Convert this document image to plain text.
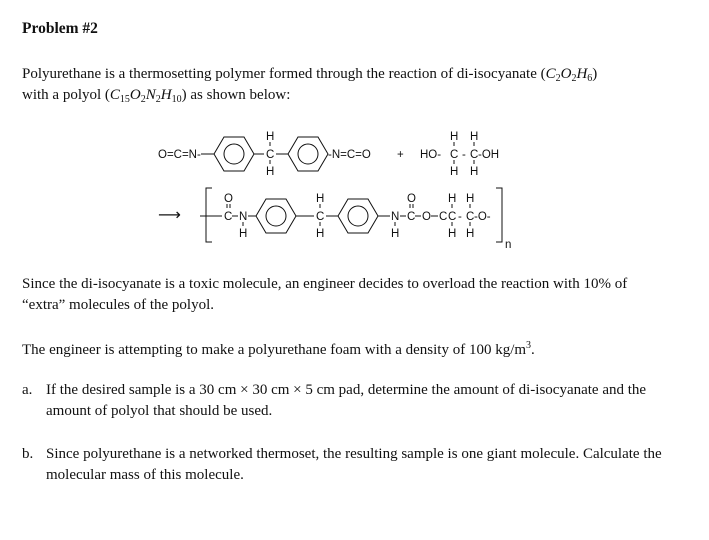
Problem #2
Polyurethane is a thermosetting polymer formed through the reaction of di-isocyanate $(C_2O_2H_6)$
with a polyol $(C_{15}O_2N_2H_{10})$ as shown below:
O=C=N-
H
C
H
-N=C=O + HO-
H H
C - C
H H
-OH
⟶
O
C N
H
H
C
H
N
H
O
C O
H H
C C - C
H H
-O-
n
Since the di-isocyanate is a toxic molecule, an engineer decides to overload the reaction with 10% of “extra” molecules of the polyol.
The engineer is attempting to make a polyurethane foam with a density of 100 $kg/m^3$.
a. If the desired sample is a 30 cm × 30 cm × 5 cm pad, determine the amount of di-isocyanate and the amount of polyol that should be used.
b. Since polyurethane is a networked thermoset, the resulting sample is one giant molecule. Calculate the molecular mass of this molecule.
